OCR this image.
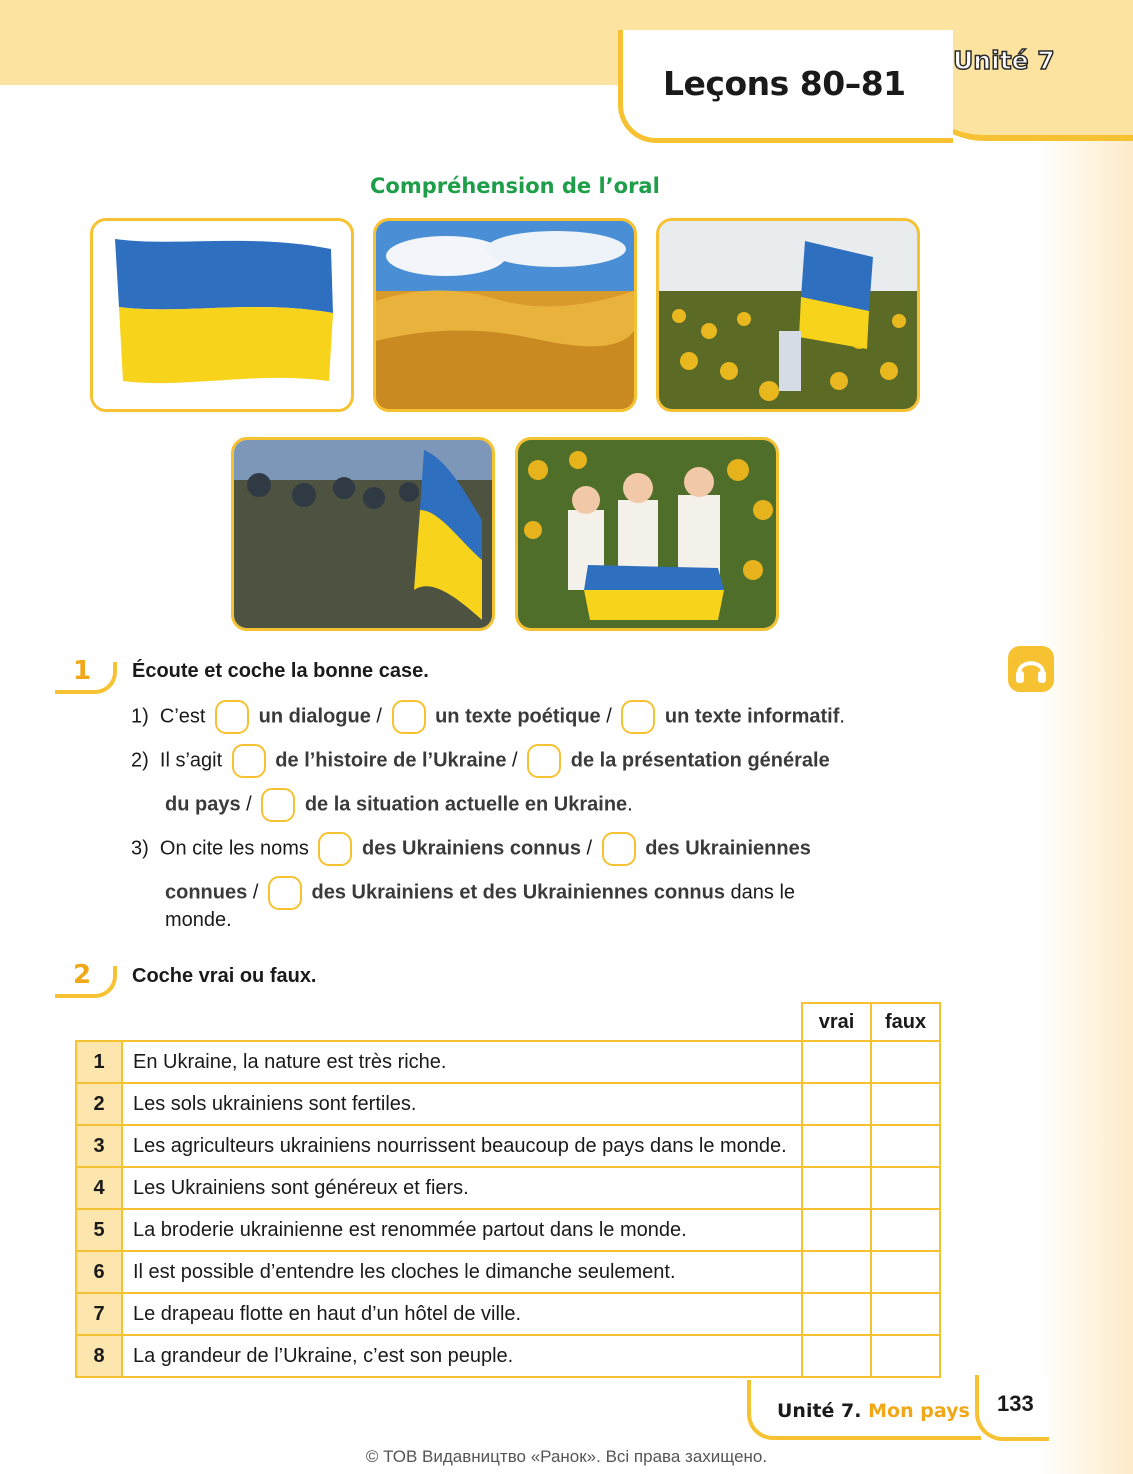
Unité 7
Leçons 80–81
Compréhension de l’oral
1 Écoute et coche la bonne case.
1) C’est	un dialogue /	un texte poétique /	un texte informatif.
2) Il s’agit	de l’histoire de l’Ukraine /	de la présentation générale
du pays /	de la situation actuelle en Ukraine.
3) On cite les noms	des Ukrainiens connus /	des Ukrainiennes
connues /	des Ukrainiens et des Ukrainiennes connus dans le
monde.
2 Coche vrai ou faux.
		vrai	faux
1	En Ukraine, la nature est très riche.		
2	Les sols ukrainiens sont fertiles.		
3	Les agriculteurs ukrainiens nourrissent beaucoup de pays dans le monde.		
4	Les Ukrainiens sont généreux et fiers.		
5	La broderie ukrainienne est renommée partout dans le monde.		
6	Il est possible d’entendre les cloches le dimanche seulement.		
7	Le drapeau flotte en haut d’un hôtel de ville.		
8	La grandeur de l’Ukraine, c’est son peuple.		
Unité 7. Mon pays 133
© ТОВ Видавництво «Ранок». Всі права захищено.
